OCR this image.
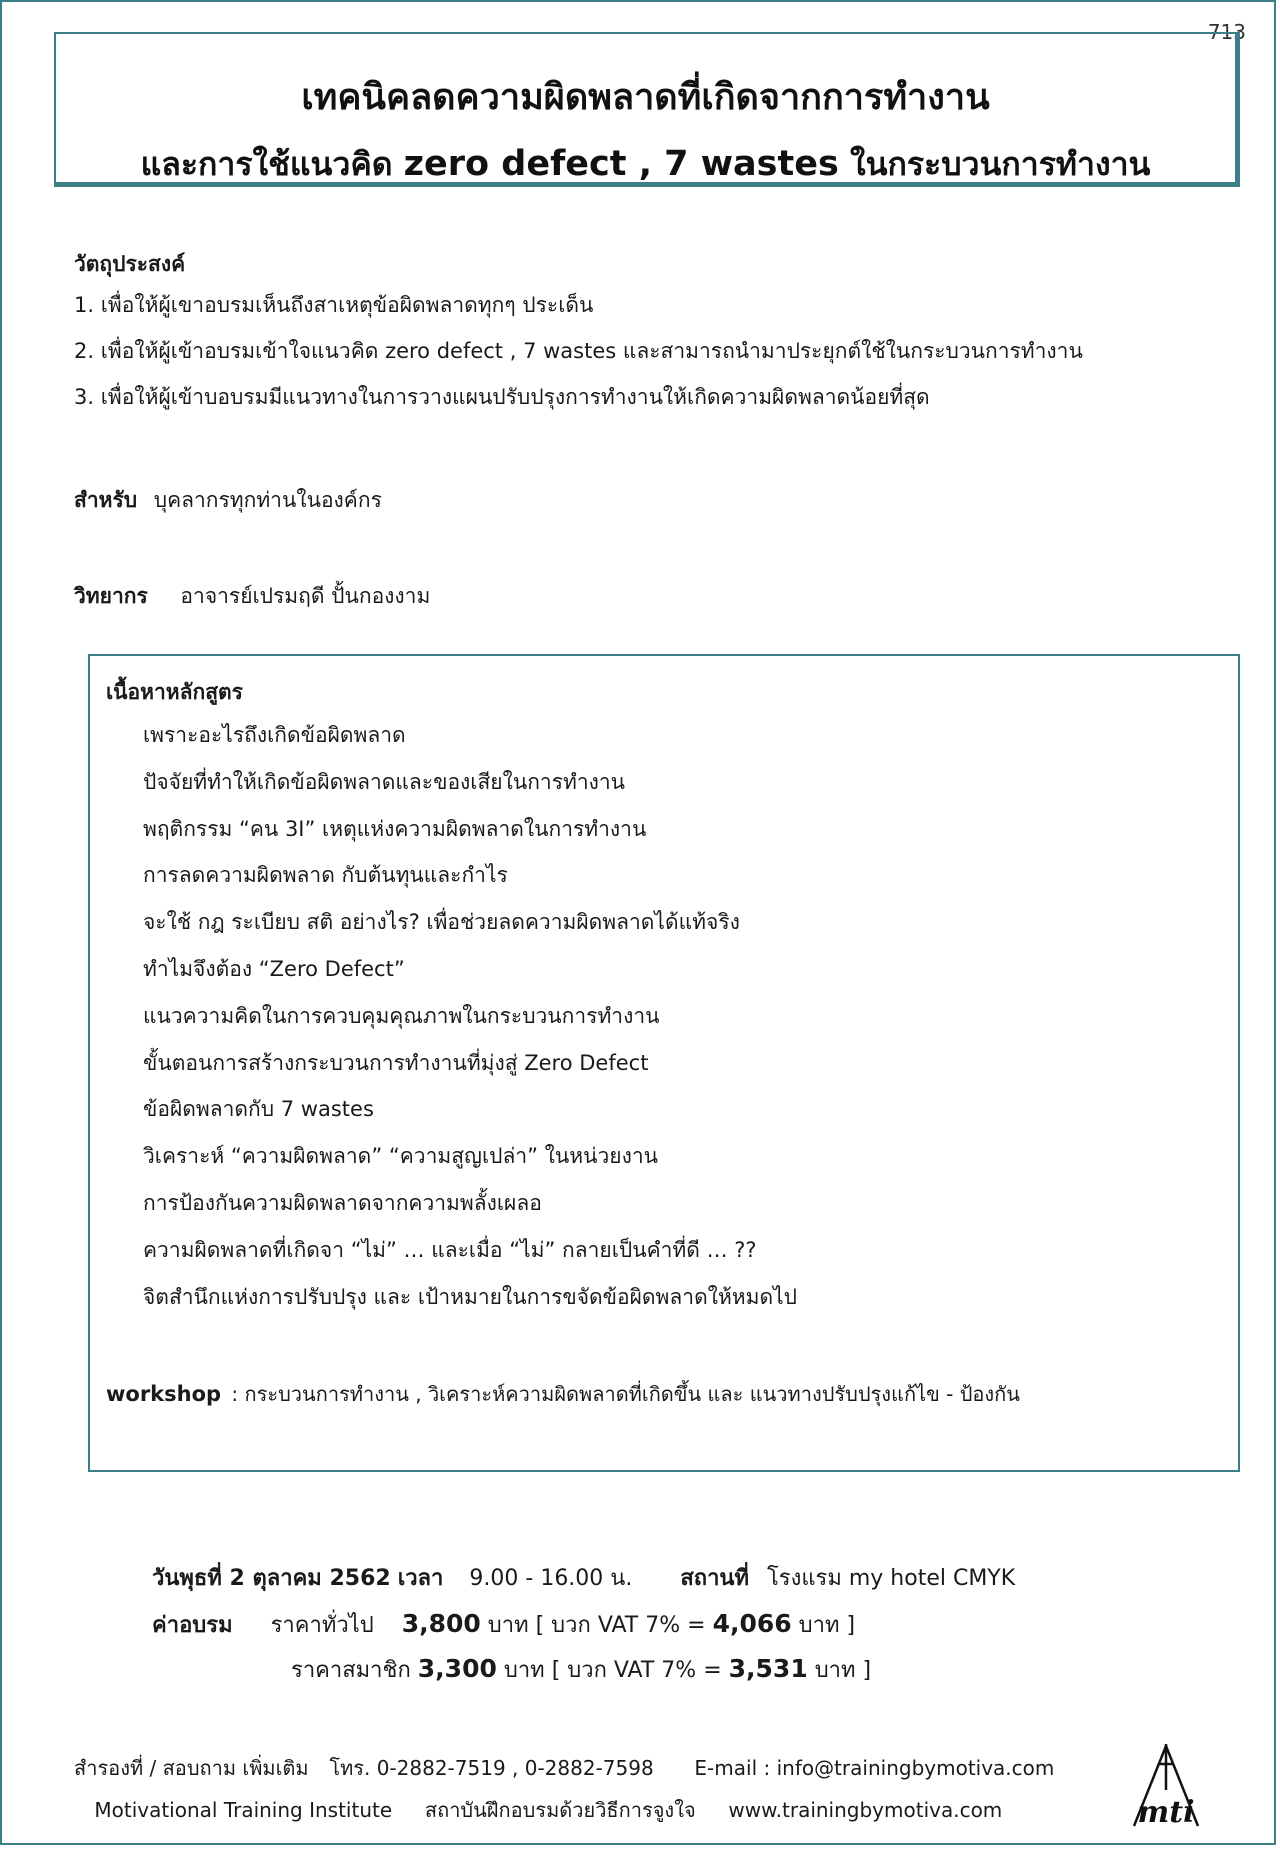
713
เทคนิคลดความผิดพลาดที่เกิดจากการทำงาน
และการใช้แนวคิด zero defect , 7 wastes ในกระบวนการทำงาน
วัตถุประสงค์
1. เพื่อให้ผู้เขาอบรมเห็นถึงสาเหตุข้อผิดพลาดทุกๆ ประเด็น
2. เพื่อให้ผู้เข้าอบรมเข้าใจแนวคิด zero defect , 7 wastes และสามารถนำมาประยุกต์ใช้ในกระบวนการทำงาน
3. เพื่อให้ผู้เข้าบอบรมมีแนวทางในการวางแผนปรับปรุงการทำงานให้เกิดความผิดพลาดน้อยที่สุด
สำหรับ บุคลากรทุกท่านในองค์กร
วิทยากร อาจารย์เปรมฤดี ปั้นกองงาม
เนื้อหาหลักสูตร
เพราะอะไรถึงเกิดข้อผิดพลาด
ปัจจัยที่ทำให้เกิดข้อผิดพลาดและของเสียในการทำงาน
พฤติกรรม “คน 3I” เหตุแห่งความผิดพลาดในการทำงาน
การลดความผิดพลาด กับต้นทุนและกำไร
จะใช้ กฎ ระเบียบ สติ อย่างไร? เพื่อช่วยลดความผิดพลาดได้แท้จริง
ทำไมจึงต้อง “Zero Defect”
แนวความคิดในการควบคุมคุณภาพในกระบวนการทำงาน
ขั้นตอนการสร้างกระบวนการทำงานที่มุ่งสู่ Zero Defect
ข้อผิดพลาดกับ 7 wastes
วิเคราะห์ “ความผิดพลาด” “ความสูญเปล่า” ในหน่วยงาน
การป้องกันความผิดพลาดจากความพลั้งเผลอ
ความผิดพลาดที่เกิดจา “ไม่” … และเมื่อ “ไม่” กลายเป็นคำที่ดี … ??
จิตสำนึกแห่งการปรับปรุง และ เป้าหมายในการขจัดข้อผิดพลาดให้หมดไป
workshop : กระบวนการทำงาน , วิเคราะห์ความผิดพลาดที่เกิดขึ้น และ แนวทางปรับปรุงแก้ไข - ป้องกัน
วันพุธที่ 2 ตุลาคม 2562 เวลา 9.00 - 16.00 น. สถานที่ โรงแรม my hotel CMYK
ค่าอบรม ราคาทั่วไป 3,800 บาท [ บวก VAT 7% = 4,066 บาท ]
ราคาสมาชิก 3,300 บาท [ บวก VAT 7% = 3,531 บาท ]
สำรองที่ / สอบถาม เพิ่มเติม โทร. 0-2882-7519 , 0-2882-7598 E-mail : info@trainingbymotiva.com
Motivational Training Institute สถาบันฝึกอบรมด้วยวิธีการจูงใจ www.trainingbymotiva.com	mti
